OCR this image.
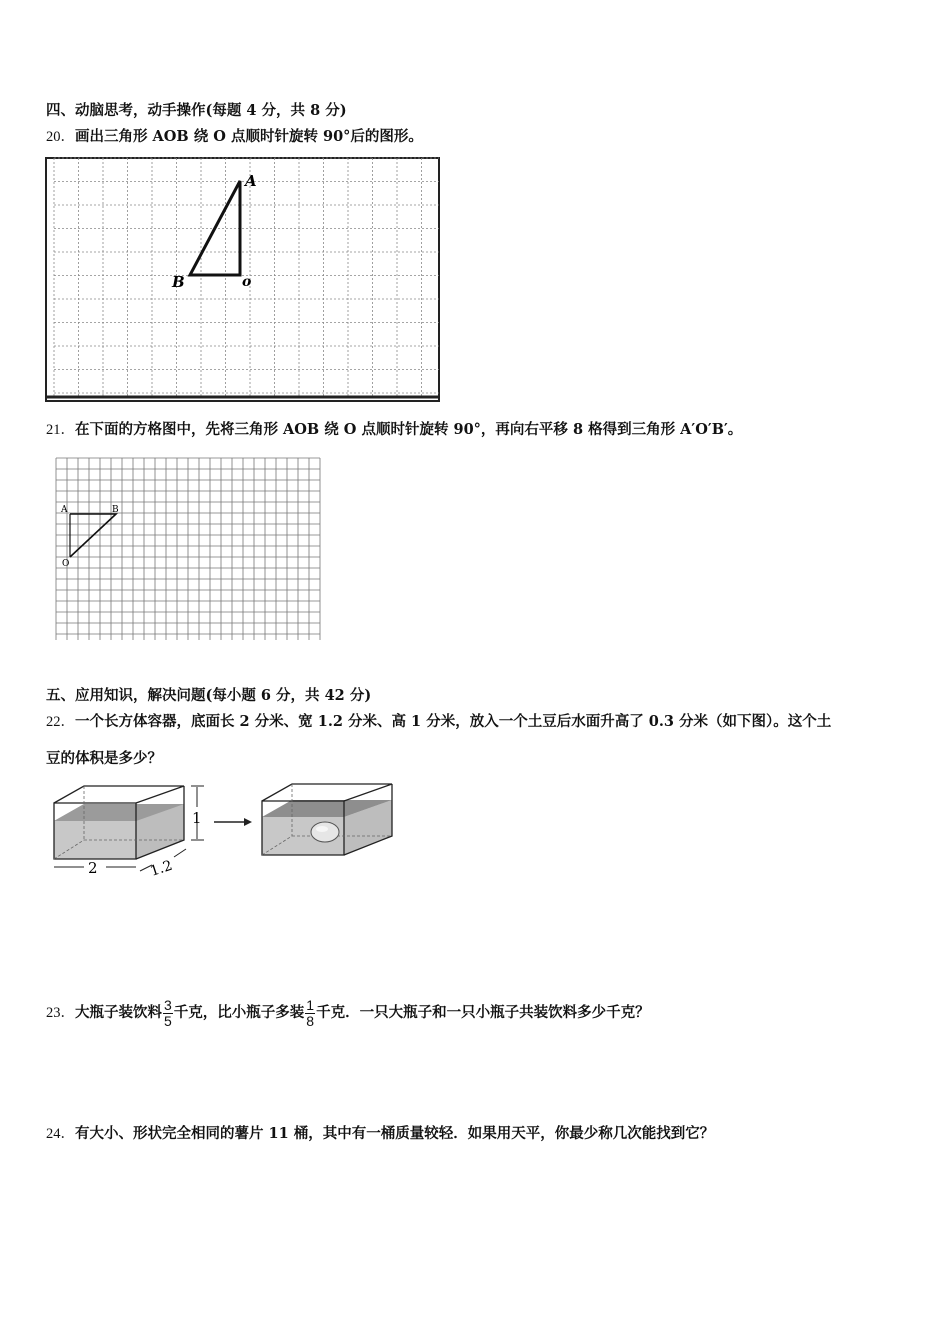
四、动脑思考，动手操作(每题 4 分，共 8 分)
20．画出三角形 AOB 绕 O 点顺时针旋转 90°后的图形。
A
B	o
21．在下面的方格图中，先将三角形 AOB 绕 O 点顺时针旋转 90°，再向右平移 8 格得到三角形 A′O′B′。
A	B
O
五、应用知识，解决问题(每小题 6 分，共 42 分)
22．一个长方体容器，底面长 2 分米、宽 1.2 分米、高 1 分米，放入一个土豆后水面升高了 0.3 分米（如下图）。这个土
豆的体积是多少？
1
2	1.2
23．大瓶子装饮料 $\frac{3}{5}$ 千克，比小瓶子多装 $\frac{1}{8}$ 千克．一只大瓶子和一只小瓶子共装饮料多少千克？
24．有大小、形状完全相同的薯片 11 桶，其中有一桶质量较轻．如果用天平，你最少称几次能找到它？
